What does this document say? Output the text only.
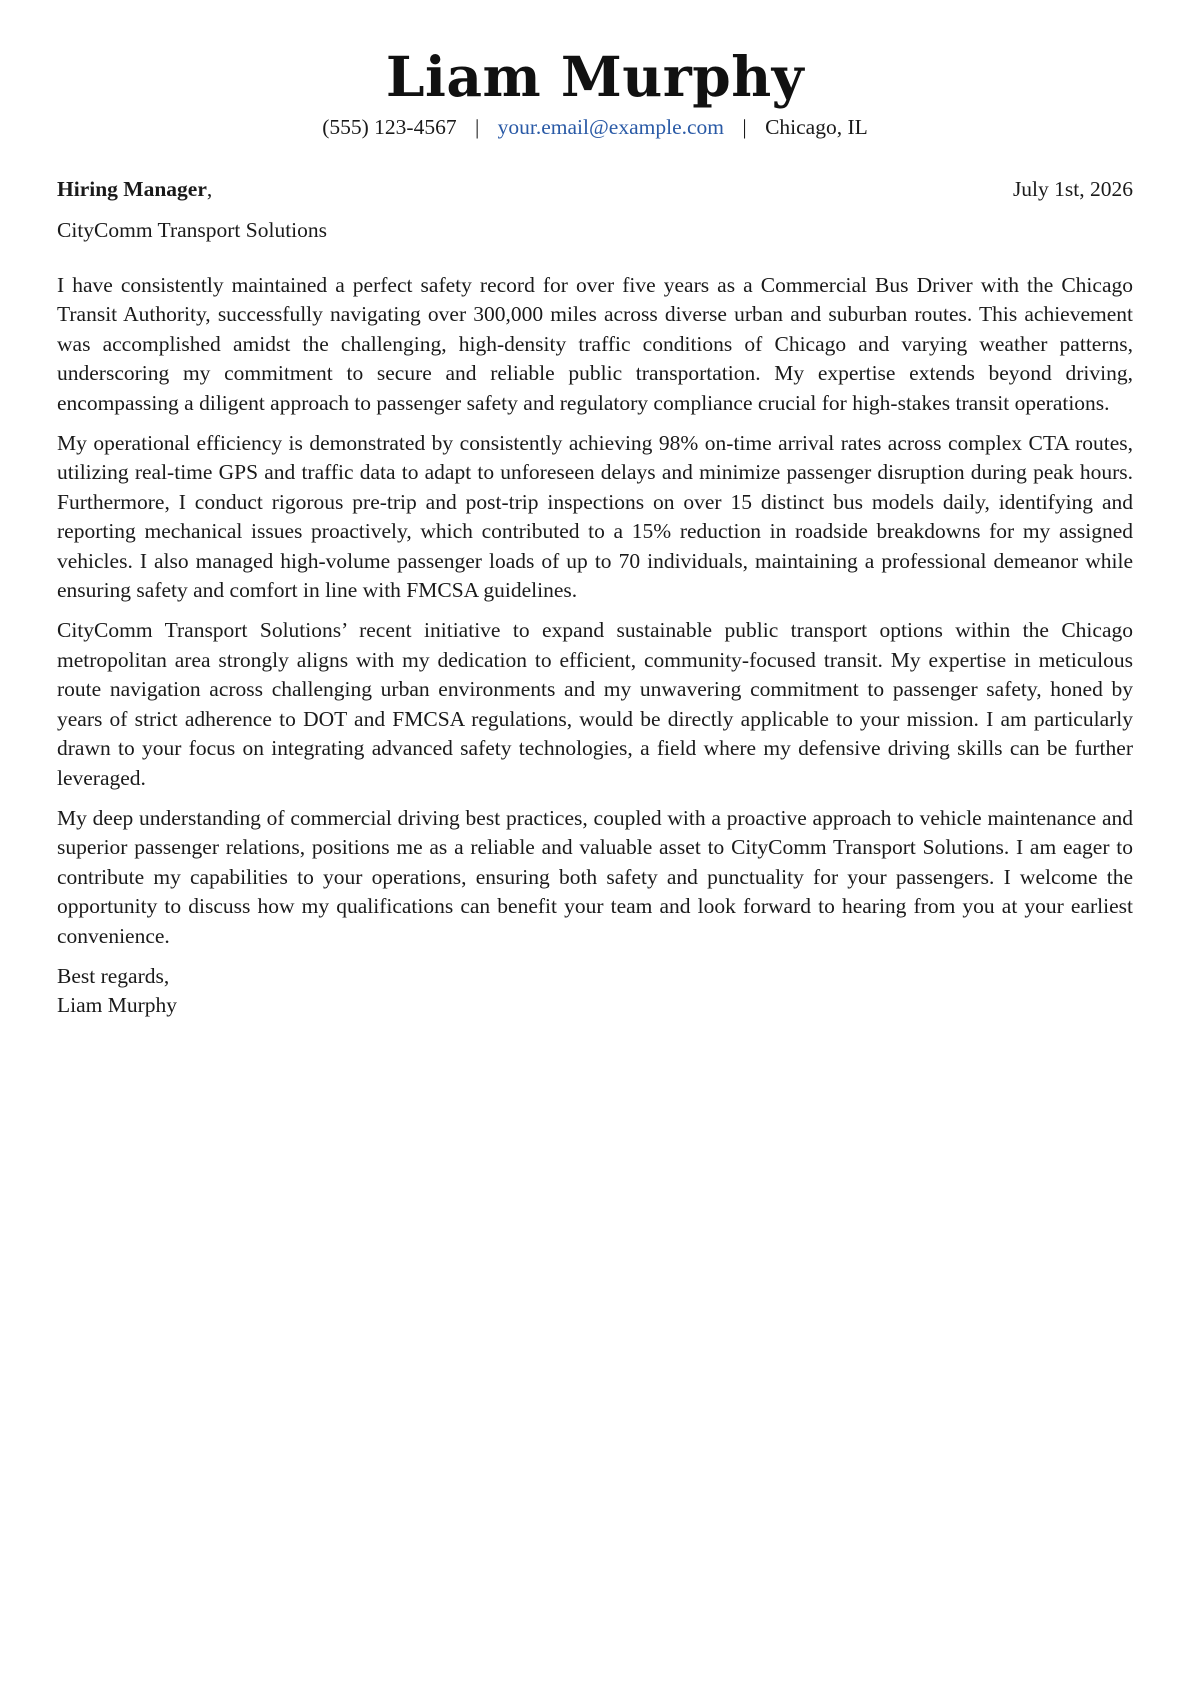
Liam Murphy
(555) 123-4567 | your.email@example.com | Chicago, IL
Hiring Manager,	July 1st, 2026
CityComm Transport Solutions

I have consistently maintained a perfect safety record for over five years as a Commercial Bus Driver with the Chicago Transit Authority, successfully navigating over 300,000 miles across diverse urban and suburban routes. This achievement was accomplished amidst the challenging, high-density traffic conditions of Chicago and varying weather patterns, underscoring my commitment to secure and reliable public transportation. My expertise extends beyond driving, encompassing a diligent approach to passenger safety and regulatory compliance crucial for high-stakes transit operations.

My operational efficiency is demonstrated by consistently achieving 98% on-time arrival rates across complex CTA routes, utilizing real-time GPS and traffic data to adapt to unforeseen delays and minimize passenger disruption during peak hours. Furthermore, I conduct rigorous pre-trip and post-trip inspections on over 15 distinct bus models daily, identifying and reporting mechanical issues proactively, which contributed to a 15% reduction in roadside breakdowns for my assigned vehicles. I also managed high-volume passenger loads of up to 70 individuals, maintaining a professional demeanor while ensuring safety and comfort in line with FMCSA guidelines.

CityComm Transport Solutions’ recent initiative to expand sustainable public transport options within the Chicago metropolitan area strongly aligns with my dedication to efficient, community-focused transit. My expertise in meticulous route navigation across challenging urban environments and my unwavering commitment to passenger safety, honed by years of strict adherence to DOT and FMCSA regulations, would be directly applicable to your mission. I am particularly drawn to your focus on integrating advanced safety technologies, a field where my defensive driving skills can be further leveraged.

My deep understanding of commercial driving best practices, coupled with a proactive approach to vehicle maintenance and superior passenger relations, positions me as a reliable and valuable asset to CityComm Transport Solutions. I am eager to contribute my capabilities to your operations, ensuring both safety and punctuality for your passengers. I welcome the opportunity to discuss how my qualifications can benefit your team and look forward to hearing from you at your earliest convenience.

Best regards,
Liam Murphy
